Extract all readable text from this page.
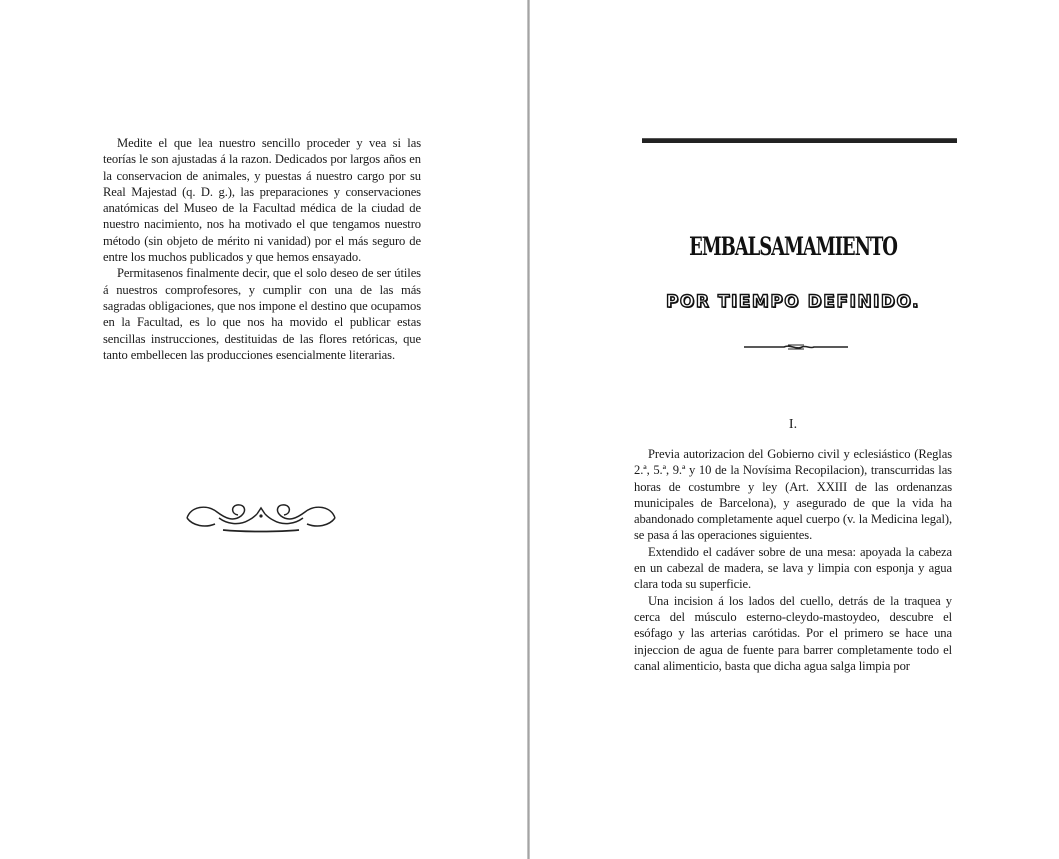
Medite el que lea nuestro sencillo proceder y vea si las teorías le son ajustadas á la razon. Dedicados por largos años en la conservacion de animales, y puestas á nuestro cargo por su Real Majestad (q. D. g.), las preparaciones y conservaciones anatómicas del Museo de la Facultad médica de la ciudad de nuestro nacimiento, nos ha motivado el que tengamos nuestro método (sin objeto de mérito ni vanidad) por el más seguro de entre los muchos publicados y que hemos ensayado.

Permitasenos finalmente decir, que el solo deseo de ser útiles á nuestros comprofesores, y cumplir con una de las más sagradas obligaciones, que nos impone el destino que ocupamos en la Facultad, es lo que nos ha movido el publicar estas sencillas instrucciones, destituidas de las flores retóricas, que tanto embellecen las producciones esencialmente literarias.

EMBALSAMAMIENTO
POR TIEMPO DEFINIDO.
I.

Previa autorizacion del Gobierno civil y eclesiástico (Reglas 2.ª, 5.ª, 9.ª y 10 de la Novísima Recopilacion), transcurridas las horas de costumbre y ley (Art. XXIII de las ordenanzas municipales de Barcelona), y asegurado de que la vida ha abandonado completamente aquel cuerpo (v. la Medicina legal), se pasa á las operaciones siguientes.

Extendido el cadáver sobre de una mesa: apoyada la cabeza en un cabezal de madera, se lava y limpia con esponja y agua clara toda su superficie.

Una incision á los lados del cuello, detrás de la traquea y cerca del músculo esterno-cleydo-mastoydeo, descubre el esófago y las arterias carótidas. Por el primero se hace una injeccion de agua de fuente para barrer completamente todo el canal alimenticio, basta que dicha agua salga limpia por
